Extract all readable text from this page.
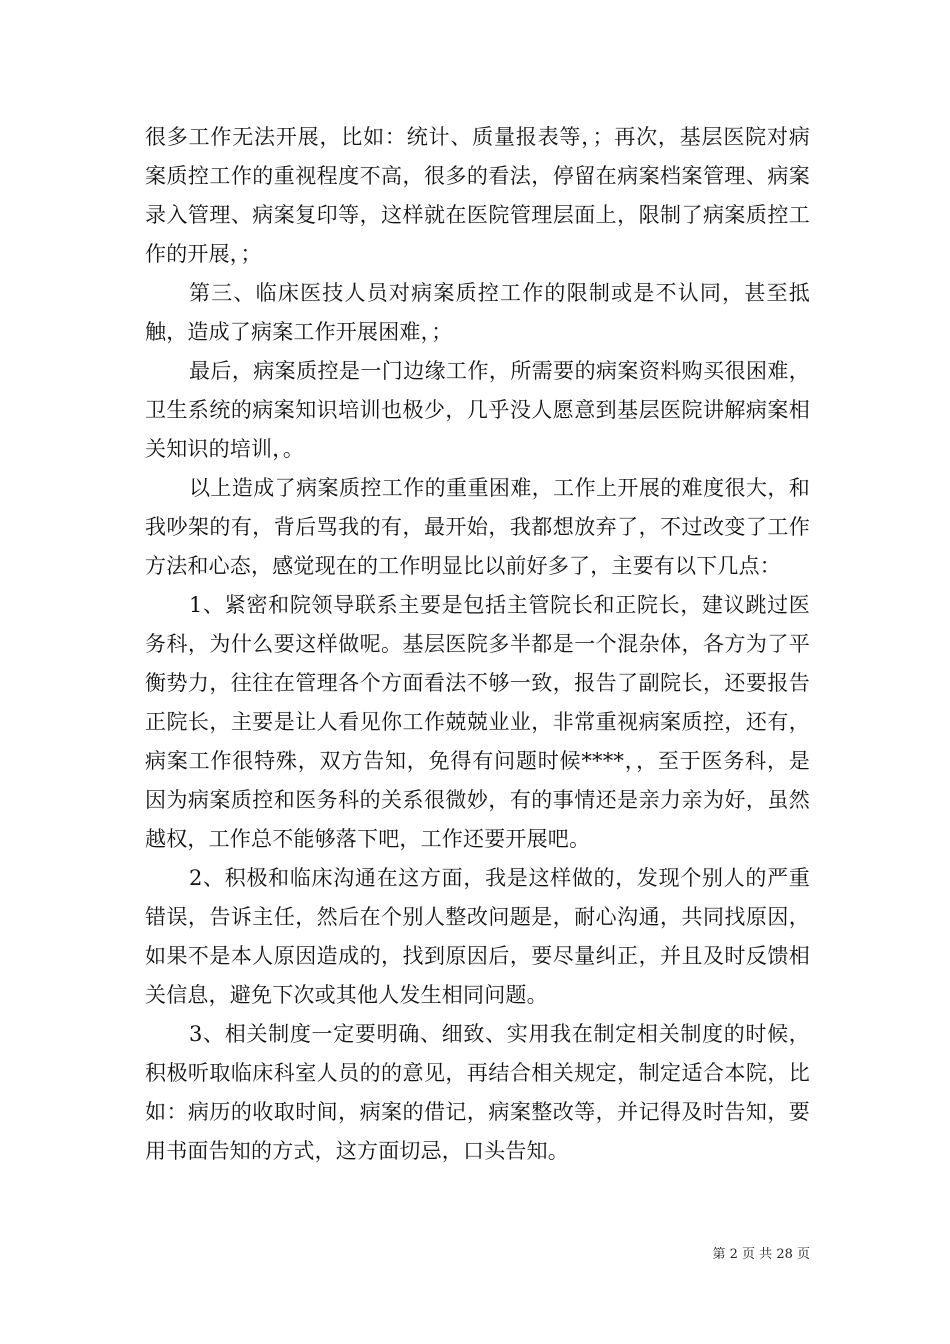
很多工作无法开展，比如：统计、质量报表等，；再次，基层医院对病案质控工作的重视程度不高，很多的看法，停留在病案档案管理、病案录入管理、病案复印等，这样就在医院管理层面上，限制了病案质控工作的开展，；

第三、临床医技人员对病案质控工作的限制或是不认同，甚至抵触，造成了病案工作开展困难，；

最后，病案质控是一门边缘工作，所需要的病案资料购买很困难，卫生系统的病案知识培训也极少，几乎没人愿意到基层医院讲解病案相关知识的培训，。

以上造成了病案质控工作的重重困难，工作上开展的难度很大，和我吵架的有，背后骂我的有，最开始，我都想放弃了，不过改变了工作方法和心态，感觉现在的工作明显比以前好多了，主要有以下几点：

1、紧密和院领导联系主要是包括主管院长和正院长，建议跳过医务科，为什么要这样做呢。基层医院多半都是一个混杂体，各方为了平衡势力，往往在管理各个方面看法不够一致，报告了副院长，还要报告正院长，主要是让人看见你工作兢兢业业，非常重视病案质控，还有，病案工作很特殊，双方告知，免得有问题时候****，，至于医务科，是因为病案质控和医务科的关系很微妙，有的事情还是亲力亲为好，虽然越权，工作总不能够落下吧，工作还要开展吧。

2、积极和临床沟通在这方面，我是这样做的，发现个别人的严重错误，告诉主任，然后在个别人整改问题是，耐心沟通，共同找原因，如果不是本人原因造成的，找到原因后，要尽量纠正，并且及时反馈相关信息，避免下次或其他人发生相同问题。

3、相关制度一定要明确、细致、实用我在制定相关制度的时候，积极听取临床科室人员的的意见，再结合相关规定，制定适合本院，比如：病历的收取时间，病案的借记，病案整改等，并记得及时告知，要用书面告知的方式，这方面切忌，口头告知。

第 2 页 共 28 页
